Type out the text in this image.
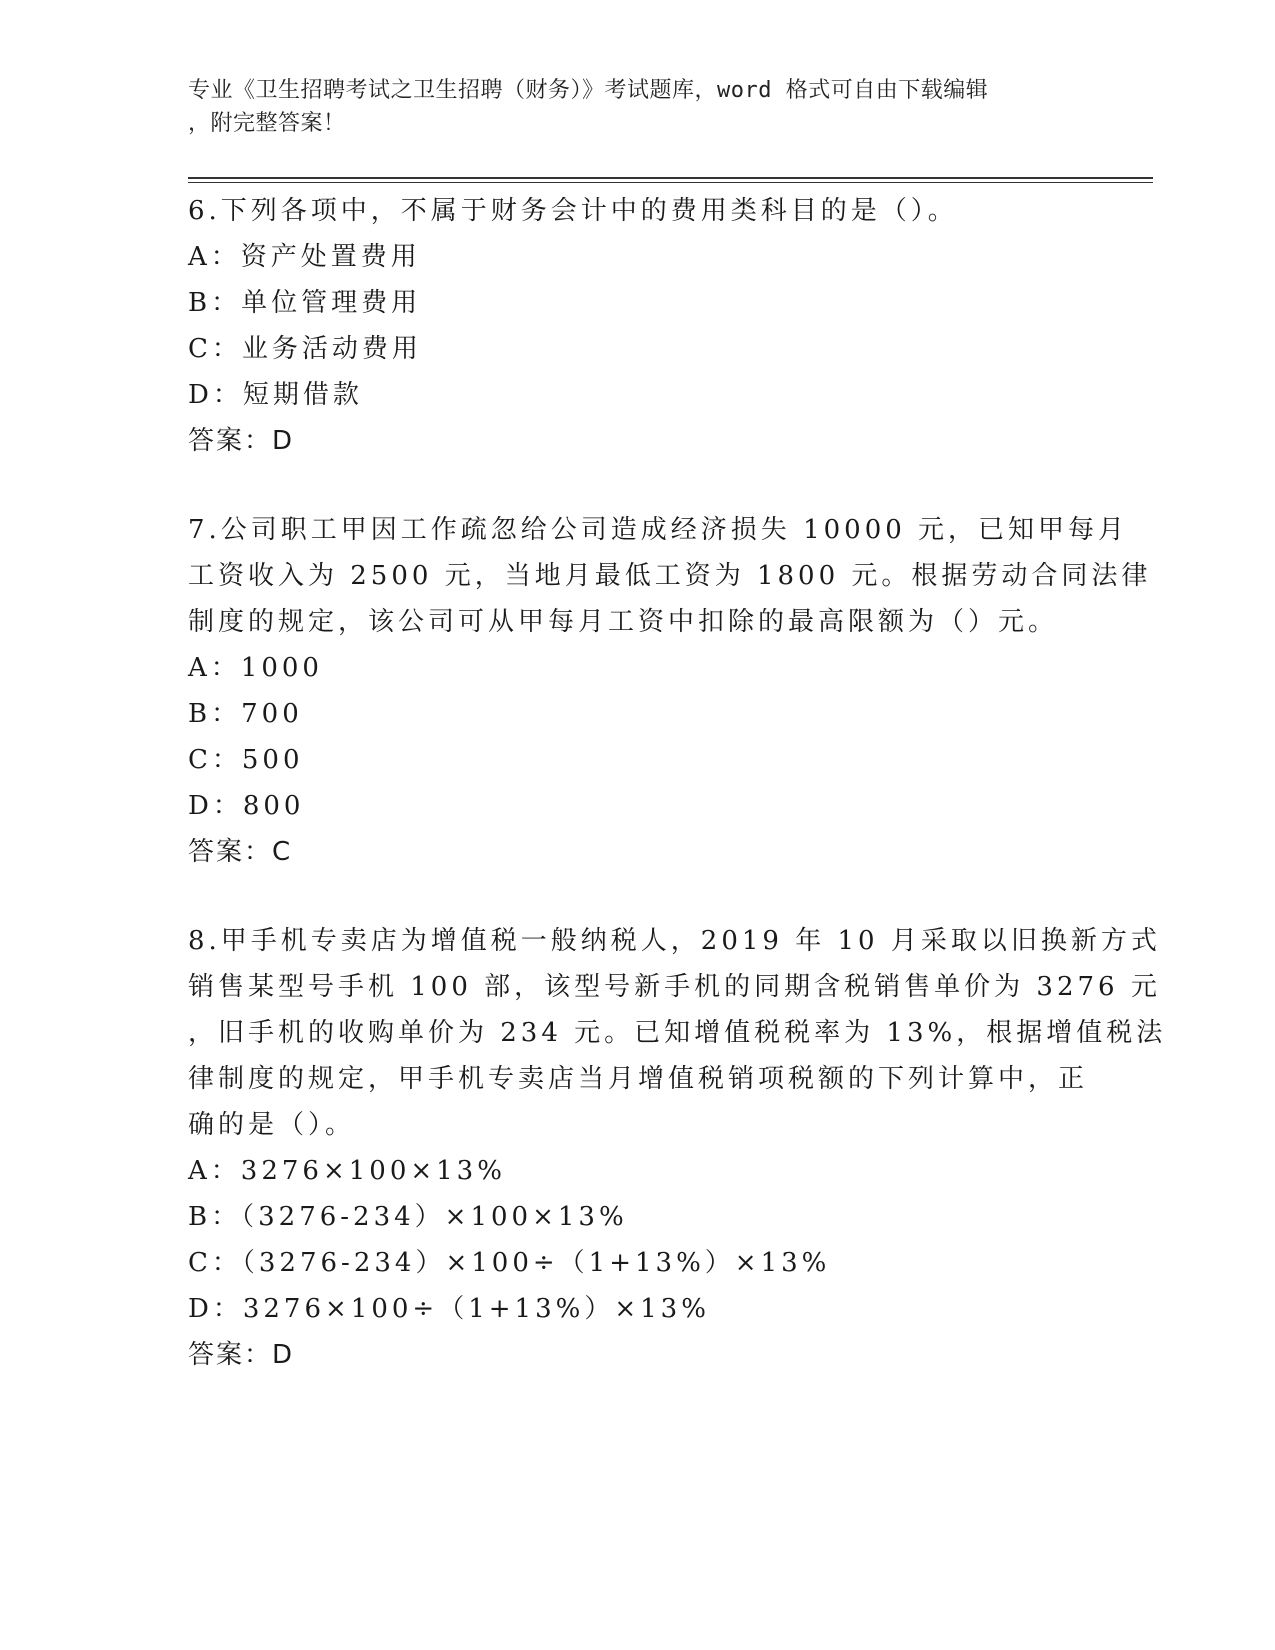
专业《卫生招聘考试之卫生招聘（财务）》考试题库，word 格式可自由下载编辑
，附完整答案！
6.下列各项中，不属于财务会计中的费用类科目的是（）。
A：资产处置费用
B：单位管理费用
C：业务活动费用
D：短期借款
答案：D
7.公司职工甲因工作疏忽给公司造成经济损失 10000 元，已知甲每月
工资收入为 2500 元，当地月最低工资为 1800 元。根据劳动合同法律
制度的规定，该公司可从甲每月工资中扣除的最高限额为（）元。
A：1000
B：700
C：500
D：800
答案：C
8.甲手机专卖店为增值税一般纳税人，2019 年 10 月采取以旧换新方式
销售某型号手机 100 部，该型号新手机的同期含税销售单价为 3276 元
，旧手机的收购单价为 234 元。已知增值税税率为 13%，根据增值税法
律制度的规定，甲手机专卖店当月增值税销项税额的下列计算中，正
确的是（）。
A：3276×100×13%
B：（3276-234）×100×13%
C：（3276-234）×100÷（1+13%）×13%
D：3276×100÷（1+13%）×13%
答案：D
